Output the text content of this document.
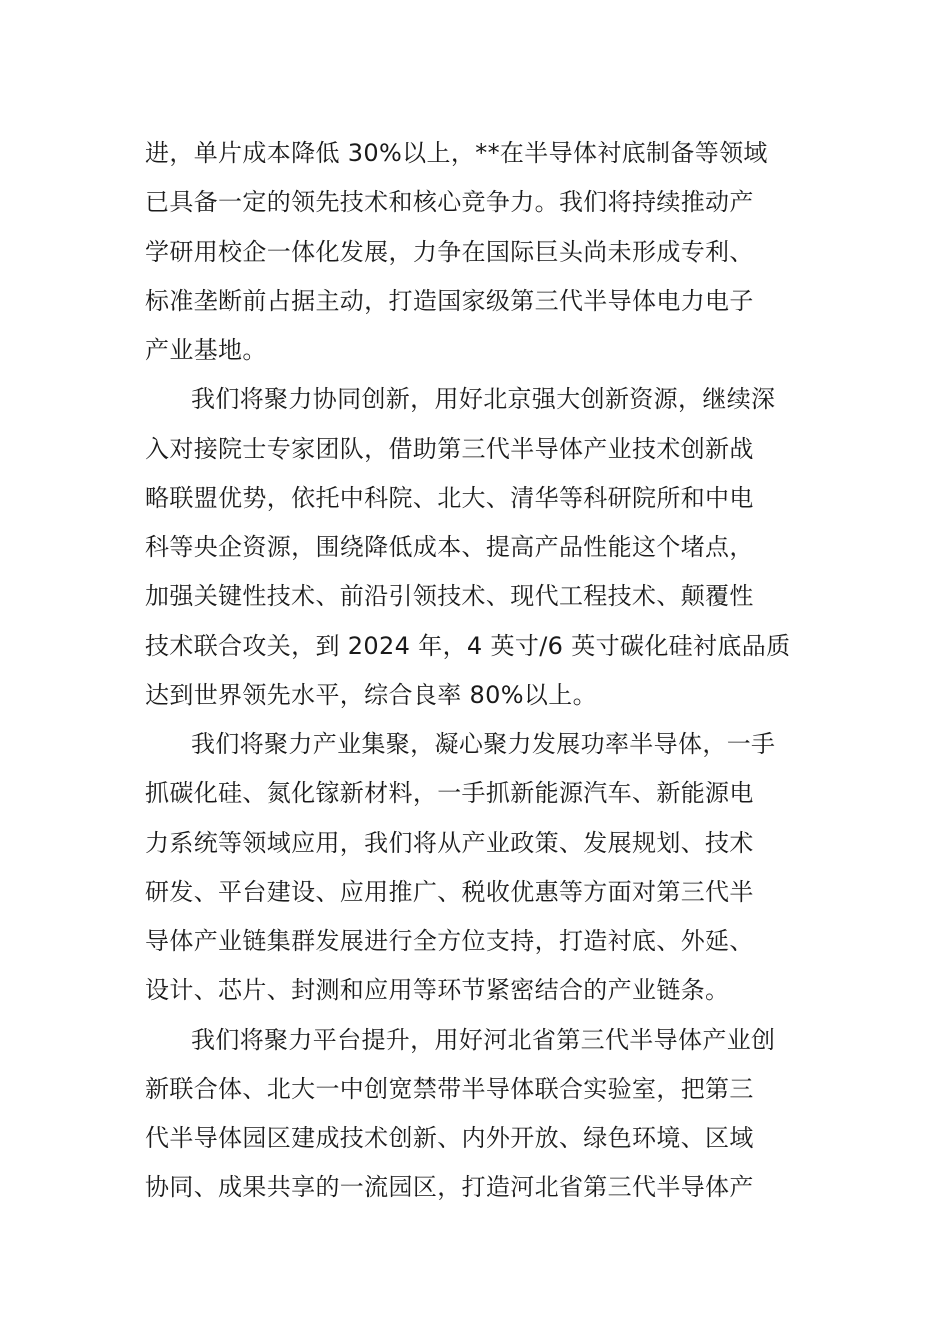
进，单片成本降低 30%以上，**在半导体衬底制备等领域
已具备一定的领先技术和核心竞争力。我们将持续推动产
学研用校企一体化发展，力争在国际巨头尚未形成专利、
标准垄断前占据主动，打造国家级第三代半导体电力电子
产业基地。
我们将聚力协同创新，用好北京强大创新资源，继续深
入对接院士专家团队，借助第三代半导体产业技术创新战
略联盟优势，依托中科院、北大、清华等科研院所和中电
科等央企资源，围绕降低成本、提高产品性能这个堵点，
加强关键性技术、前沿引领技术、现代工程技术、颠覆性
技术联合攻关，到 2024 年，4 英寸/6 英寸碳化硅衬底品质
达到世界领先水平，综合良率 80%以上。
我们将聚力产业集聚，凝心聚力发展功率半导体，一手
抓碳化硅、氮化镓新材料，一手抓新能源汽车、新能源电
力系统等领域应用，我们将从产业政策、发展规划、技术
研发、平台建设、应用推广、税收优惠等方面对第三代半
导体产业链集群发展进行全方位支持，打造衬底、外延、
设计、芯片、封测和应用等环节紧密结合的产业链条。
我们将聚力平台提升，用好河北省第三代半导体产业创
新联合体、北大一中创宽禁带半导体联合实验室，把第三
代半导体园区建成技术创新、内外开放、绿色环境、区域
协同、成果共享的一流园区，打造河北省第三代半导体产
